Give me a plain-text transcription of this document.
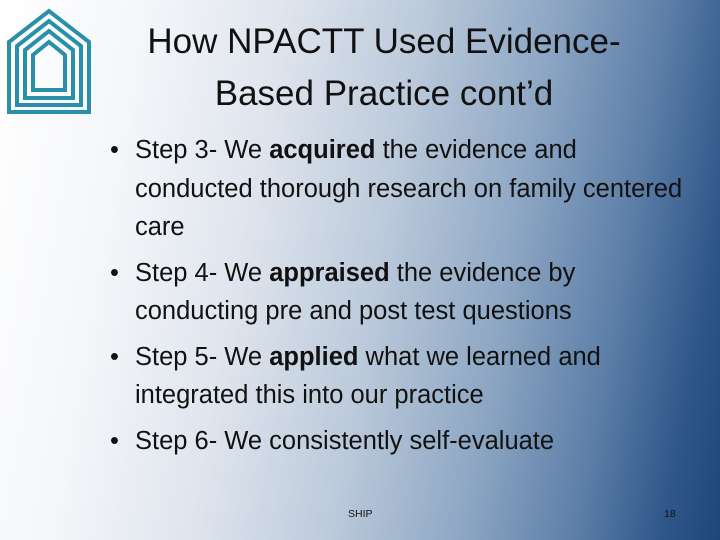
How NPACTT Used Evidence-
Based Practice cont’d
• Step 3- We acquired the evidence and conducted thorough research on family centered care
• Step 4- We appraised the evidence by conducting pre and post test questions
• Step 5- We applied what we learned and integrated this into our practice
• Step 6- We consistently self-evaluate
SHIP	18
